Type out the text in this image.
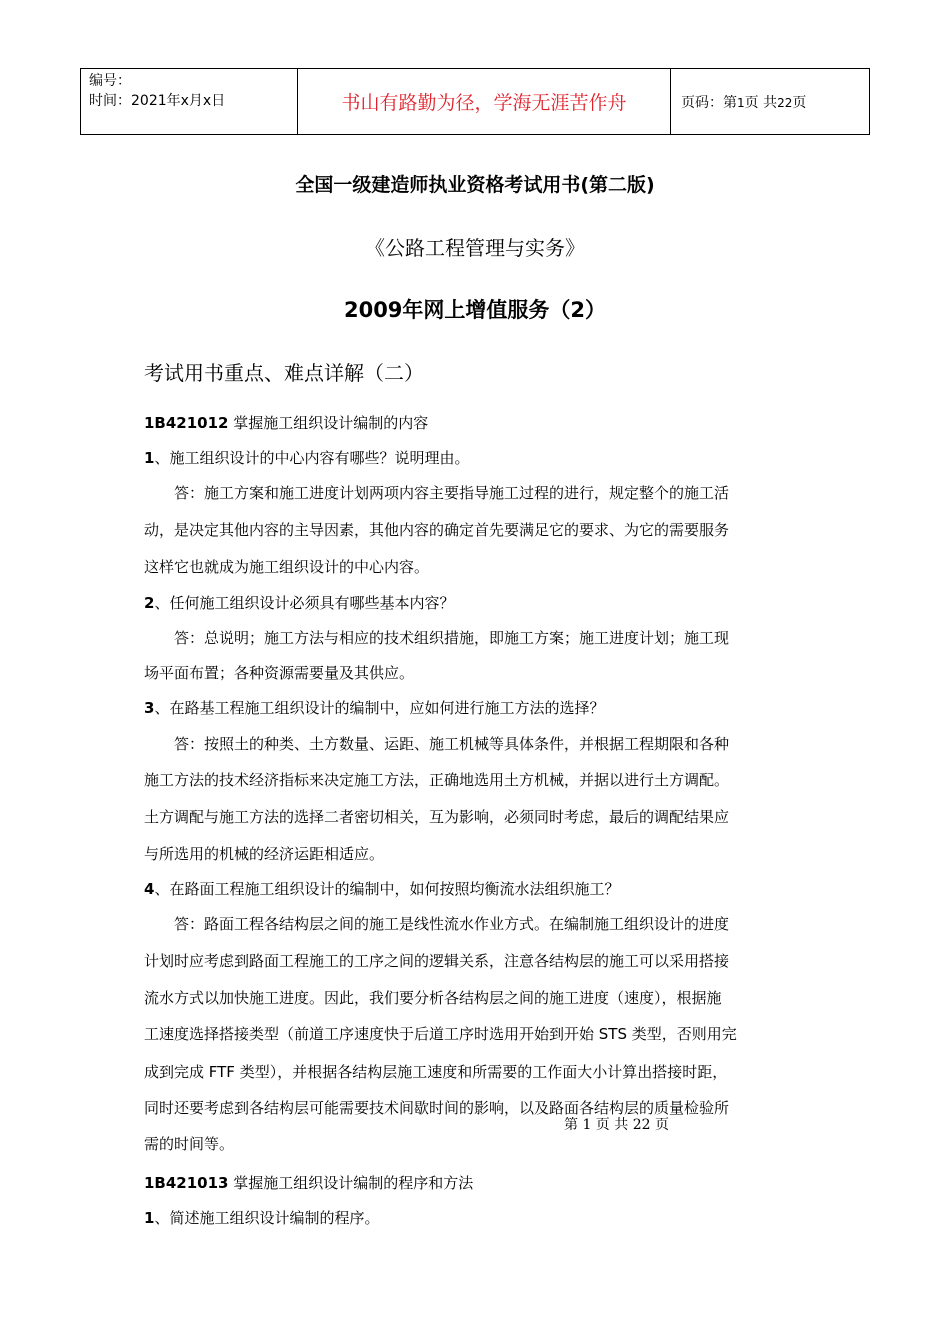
编号：
时间：2021年x月x日	书山有路勤为径，学海无涯苦作舟	页码：第1页 共22页
全国一级建造师执业资格考试用书(第二版)
《公路工程管理与实务》
2009年网上增值服务（2）
考试用书重点、难点详解（二）
1B421012 掌握施工组织设计编制的内容
1、施工组织设计的中心内容有哪些？说明理由。
　　答：施工方案和施工进度计划两项内容主要指导施工过程的进行，规定整个的施工活
动，是决定其他内容的主导因素，其他内容的确定首先要满足它的要求、为它的需要服务
这样它也就成为施工组织设计的中心内容。
2、任何施工组织设计必须具有哪些基本内容？
　　答：总说明；施工方法与相应的技术组织措施，即施工方案；施工进度计划；施工现
场平面布置；各种资源需要量及其供应。
3、在路基工程施工组织设计的编制中，应如何进行施工方法的选择？
　　答：按照土的种类、土方数量、运距、施工机械等具体条件，并根据工程期限和各种
施工方法的技术经济指标来决定施工方法，正确地选用土方机械，并据以进行土方调配。
土方调配与施工方法的选择二者密切相关，互为影响，必须同时考虑，最后的调配结果应
与所选用的机械的经济运距相适应。
4、在路面工程施工组织设计的编制中，如何按照均衡流水法组织施工？
　　答：路面工程各结构层之间的施工是线性流水作业方式。在编制施工组织设计的进度
计划时应考虑到路面工程施工的工序之间的逻辑关系，注意各结构层的施工可以采用搭接
流水方式以加快施工进度。因此，我们要分析各结构层之间的施工进度（速度），根据施
工速度选择搭接类型（前道工序速度快于后道工序时选用开始到开始 STS 类型，否则用完
成到完成 FTF 类型），并根据各结构层施工速度和所需要的工作面大小计算出搭接时距，
同时还要考虑到各结构层可能需要技术间歇时间的影响，以及路面各结构层的质量检验所
需的时间等。
1B421013 掌握施工组织设计编制的程序和方法
1、简述施工组织设计编制的程序。
第 1 页 共 22 页
